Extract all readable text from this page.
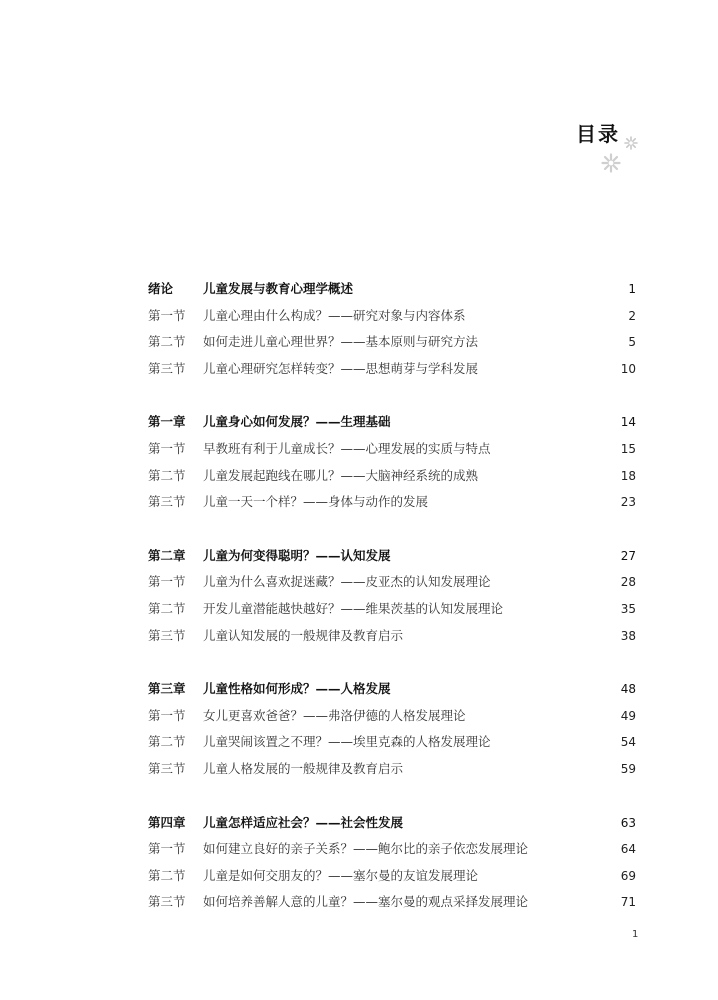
目录
绪论 儿童发展与教育心理学概述	1
第一节 儿童心理由什么构成？——研究对象与内容体系	2
第二节 如何走进儿童心理世界？——基本原则与研究方法	5
第三节 儿童心理研究怎样转变？——思想萌芽与学科发展	10
第一章 儿童身心如何发展？——生理基础	14
第一节 早教班有利于儿童成长？——心理发展的实质与特点	15
第二节 儿童发展起跑线在哪儿？——大脑神经系统的成熟	18
第三节 儿童一天一个样？——身体与动作的发展	23
第二章 儿童为何变得聪明？——认知发展	27
第一节 儿童为什么喜欢捉迷藏？——皮亚杰的认知发展理论	28
第二节 开发儿童潜能越快越好？——维果茨基的认知发展理论	35
第三节 儿童认知发展的一般规律及教育启示	38
第三章 儿童性格如何形成？——人格发展	48
第一节 女儿更喜欢爸爸？——弗洛伊德的人格发展理论	49
第二节 儿童哭闹该置之不理？——埃里克森的人格发展理论	54
第三节 儿童人格发展的一般规律及教育启示	59
第四章 儿童怎样适应社会？——社会性发展	63
第一节 如何建立良好的亲子关系？——鲍尔比的亲子依恋发展理论	64
第二节 儿童是如何交朋友的？——塞尔曼的友谊发展理论	69
第三节 如何培养善解人意的儿童？——塞尔曼的观点采择发展理论	71
1
